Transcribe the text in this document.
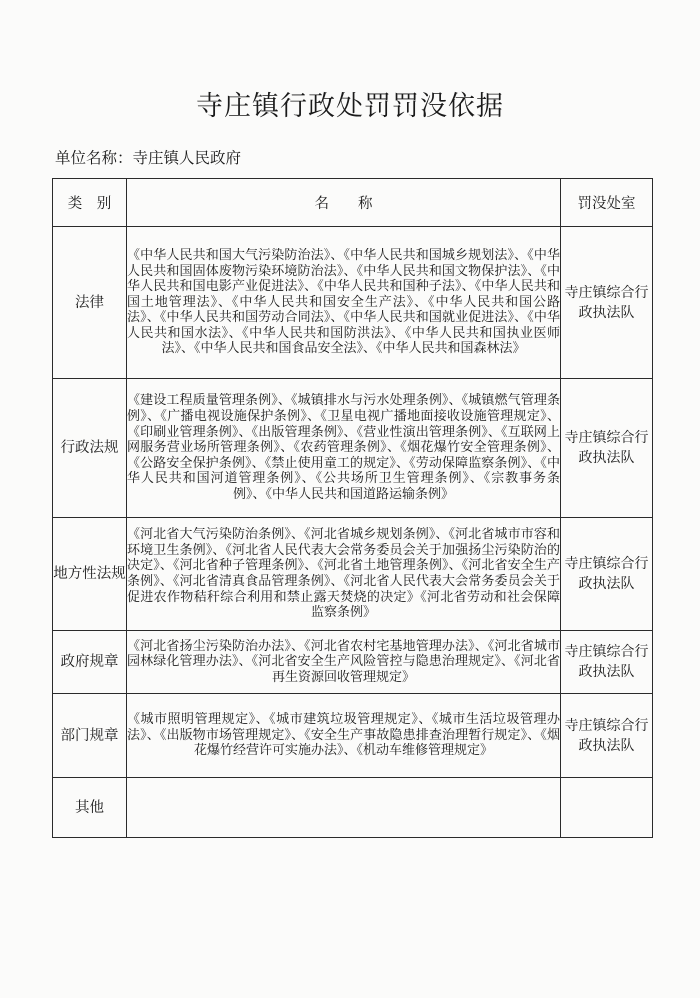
寺庄镇行政处罚罚没依据
单位名称：寺庄镇人民政府
类　别	名　　称	罚没处室
法律	《中华人民共和国大气污染防治法》、《中华人民共和国城乡规划法》、《中华人民共和国固体废物污染环境防治法》、《中华人民共和国文物保护法》、《中华人民共和国电影产业促进法》、《中华人民共和国种子法》、《中华人民共和国土地管理法》、《中华人民共和国安全生产法》、《中华人民共和国公路法》、《中华人民共和国劳动合同法》、《中华人民共和国就业促进法》、《中华人民共和国水法》、《中华人民共和国防洪法》、《中华人民共和国执业医师法》、《中华人民共和国食品安全法》、《中华人民共和国森林法》	寺庄镇综合行政执法队
行政法规	《建设工程质量管理条例》、《城镇排水与污水处理条例》、《城镇燃气管理条例》、《广播电视设施保护条例》、《卫星电视广播地面接收设施管理规定》、《印刷业管理条例》、《出版管理条例》、《营业性演出管理条例》、《互联网上网服务营业场所管理条例》、《农药管理条例》、《烟花爆竹安全管理条例》、《公路安全保护条例》、《禁止使用童工的规定》、《劳动保障监察条例》、《中华人民共和国河道管理条例》、《公共场所卫生管理条例》、《宗教事务条例》、《中华人民共和国道路运输条例》	寺庄镇综合行政执法队
地方性法规	《河北省大气污染防治条例》、《河北省城乡规划条例》、《河北省城市市容和环境卫生条例》、《河北省人民代表大会常务委员会关于加强扬尘污染防治的决定》、《河北省种子管理条例》、《河北省土地管理条例》、《河北省安全生产条例》、《河北省清真食品管理条例》、《河北省人民代表大会常务委员会关于促进农作物秸秆综合利用和禁止露天焚烧的决定》《河北省劳动和社会保障监察条例》	寺庄镇综合行政执法队
政府规章	《河北省扬尘污染防治办法》、《河北省农村宅基地管理办法》、《河北省城市园林绿化管理办法》、《河北省安全生产风险管控与隐患治理规定》、《河北省再生资源回收管理规定》	寺庄镇综合行政执法队
部门规章	《城市照明管理规定》、《城市建筑垃圾管理规定》、《城市生活垃圾管理办法》、《出版物市场管理规定》、《安全生产事故隐患排查治理暂行规定》、《烟花爆竹经营许可实施办法》、《机动车维修管理规定》	寺庄镇综合行政执法队
其他	
